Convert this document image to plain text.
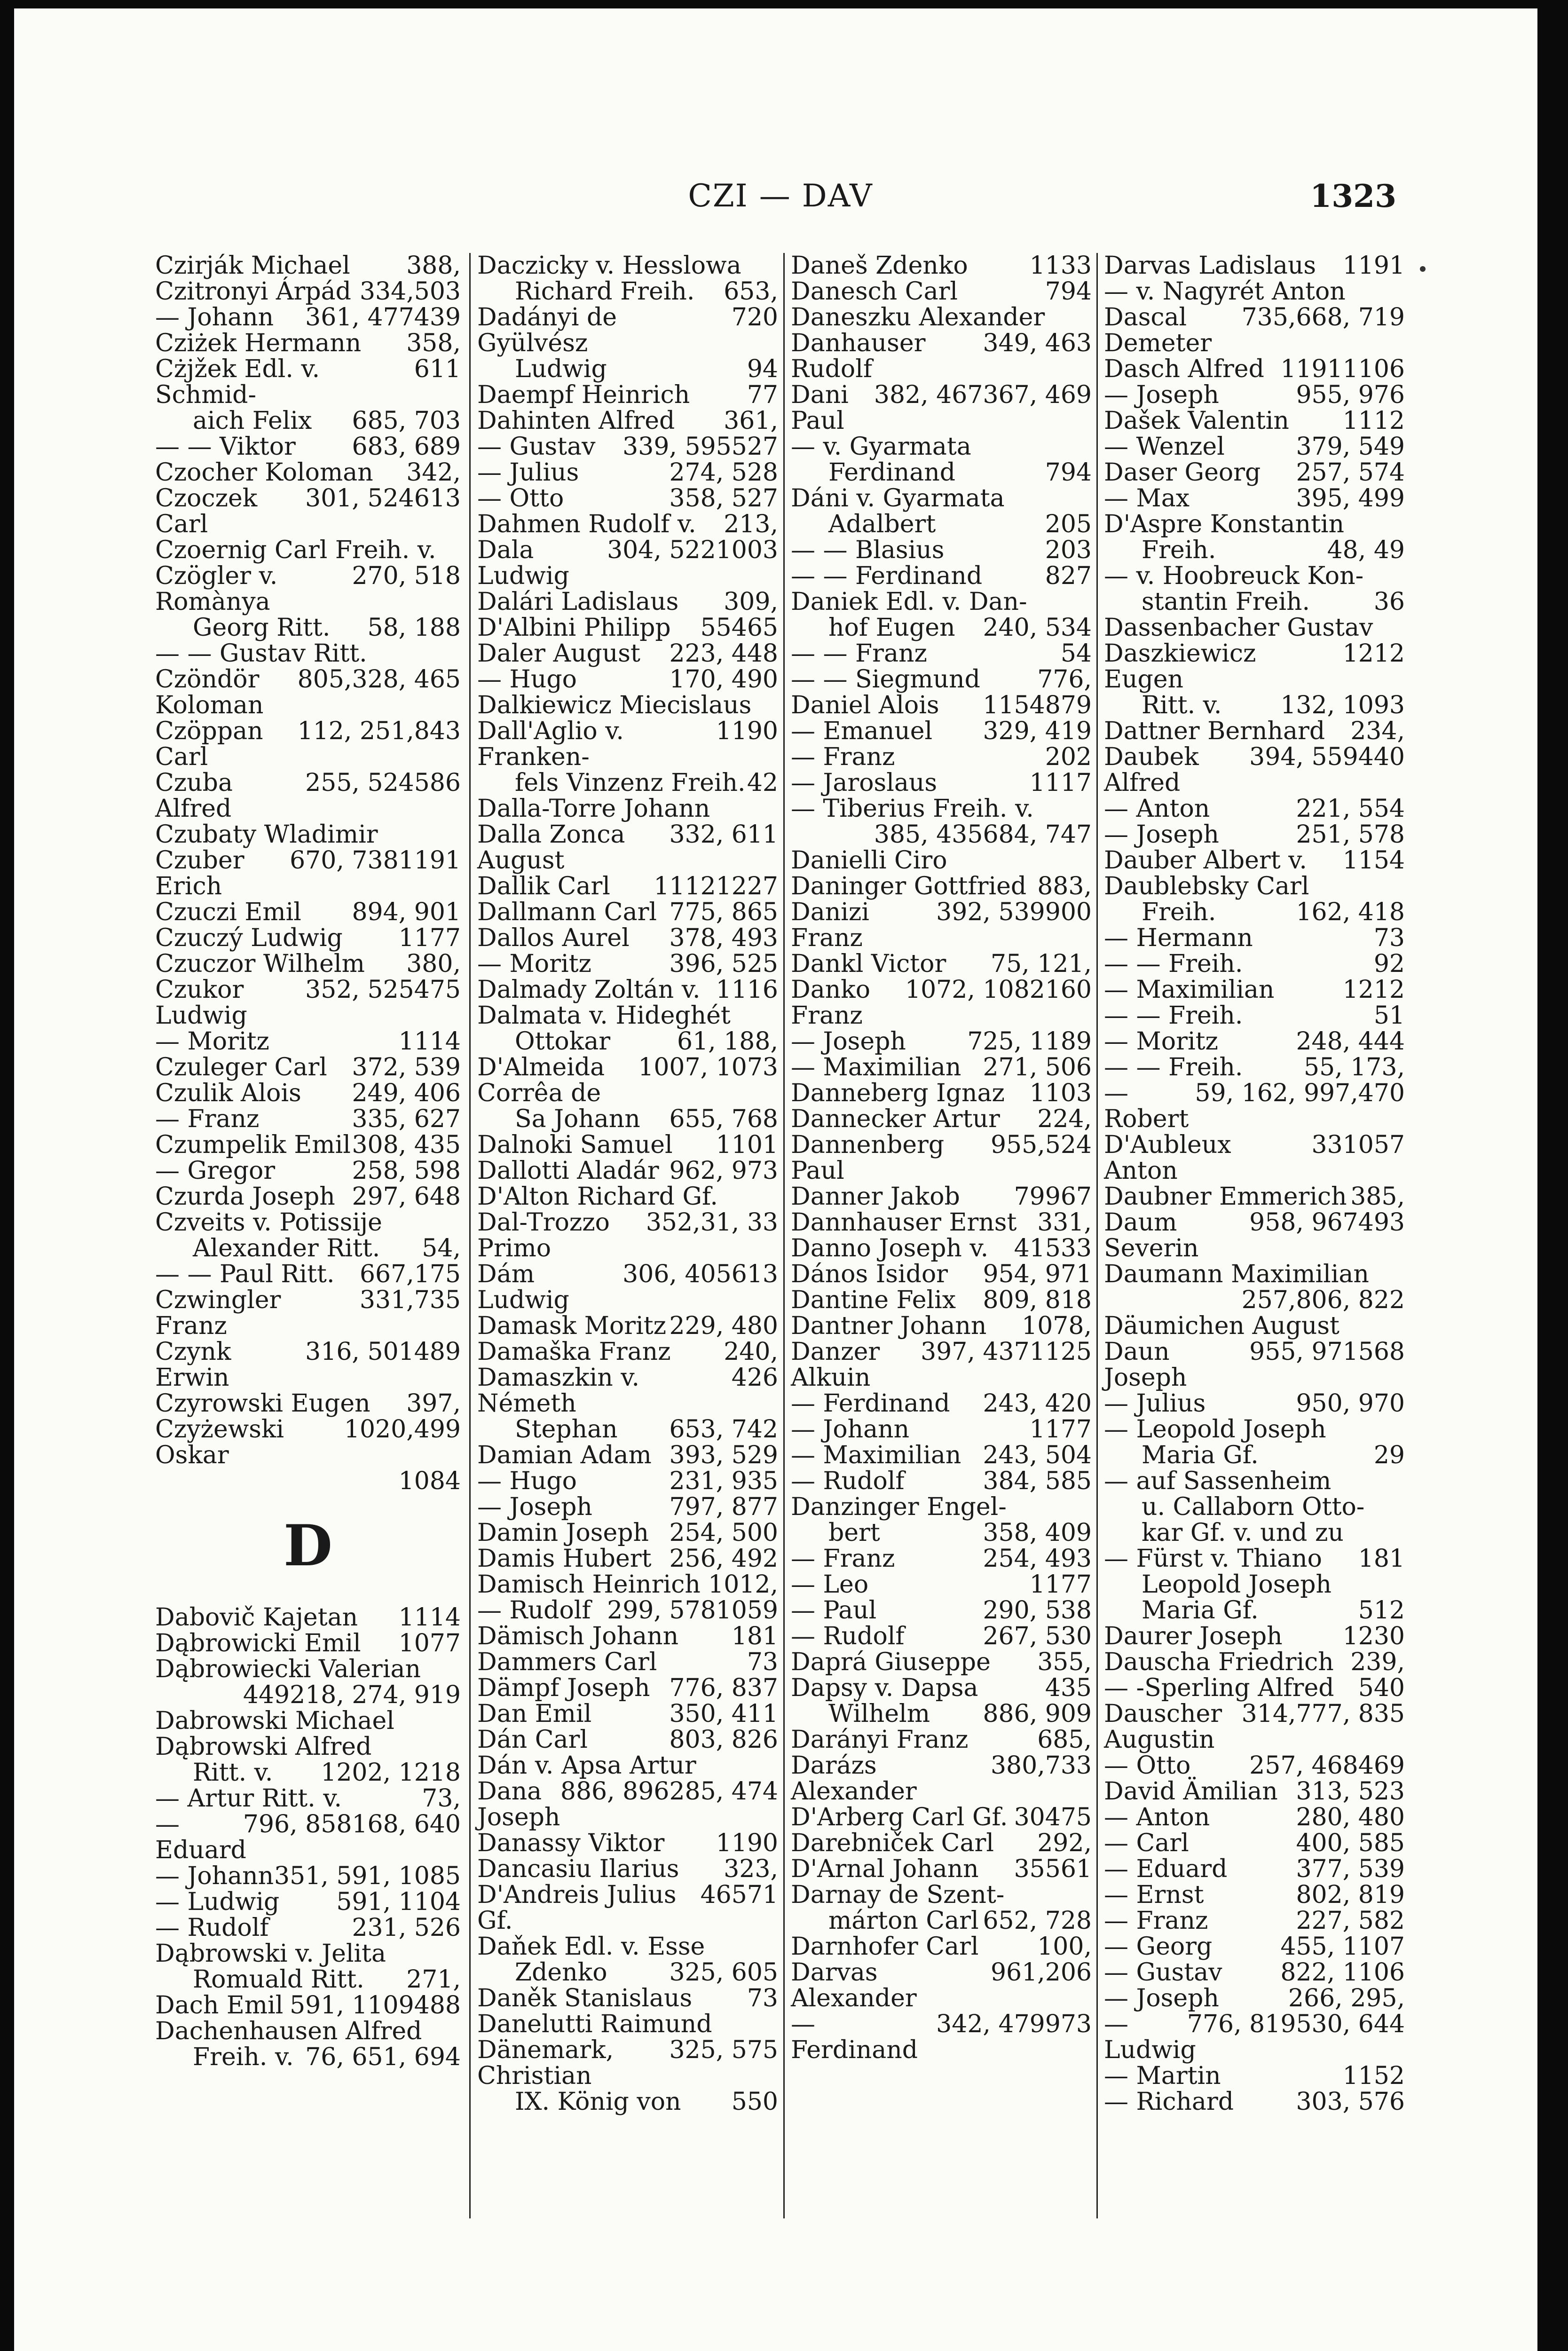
CZI — DAV	1323
388,
Czirják Michael
503
334,
Czitronyi Árpád
439
361, 477
— Johann
358,
Cziżek Hermann
611
Cżjžek Edl. v. Schmid-
685, 703
aich Felix
683, 689
— — Viktor
342,
Czocher Koloman
613
301, 524
Czoczek Carl
Czoernig Carl Freih. v.
270, 518
Czögler v. Romànya
58, 188
Georg Ritt.
— — Gustav Ritt.
328, 465
805,
Czöndör Koloman
843
112, 251,
Czöppan Carl
586
255, 524
Czuba Alfred
Czubaty Wladimir
1191
670, 738
Czuber Erich
894, 901
Czuczi Emil
1177
Czuczý Ludwig
380,
Czuczor Wilhelm
475
352, 525
Czukor Ludwig
1114
— Moritz
372, 539
Czuleger Carl
249, 406
Czulik Alois
335, 627
— Franz
308, 435
Czumpelik Emil
258, 598
— Gregor
297, 648
Czurda Joseph
Czveits v. Potissije
54,
Alexander Ritt.
175
667,
— — Paul Ritt.
735
331,
Czwingler Franz
489
316, 501
Czynk Erwin
397,
Czyrowski Eugen
499
1020,
Czyżewski Oskar
1084
D
1114
Dabovič Kajetan
1077
Dąbrowicki Emil
Dąbrowiecki Valerian
218, 274, 919
449
Dabrowski Michael
Dąbrowski Alfred
1202, 1218
Ritt. v.
73,
— Artur Ritt. v.
168, 640
796, 858
— Eduard
351, 591, 1085
— Johann
591, 1104
— Ludwig
231, 526
— Rudolf
Dąbrowski v. Jelita
271,
Romuald Ritt.
488
591, 1109
Dach Emil
Dachenhausen Alfred
76, 651, 694
Freih. v.
Daczicky v. Hesslowa
653,
Richard Freih.
720
Dadányi de Gyülvész
94
Ludwig
77
Daempf Heinrich
361,
Dahinten Alfred
527
339, 595
— Gustav
274, 528
— Julius
358, 527
— Otto
213,
Dahmen Rudolf v.
1003
304, 522
Dala Ludwig
309,
Dalári Ladislaus
465
55
D'Albini Philipp
223, 448
Daler August
170, 490
— Hugo
Dalkiewicz Miecislaus
1190
Dall'Aglio v. Franken-
42
fels Vinzenz Freih.
Dalla-Torre Johann
332, 611
Dalla Zonca August
1227
1112
Dallik Carl
775, 865
Dallmann Carl
378, 493
Dallos Aurel
396, 525
— Moritz
1116
Dalmady Zoltán v.
Dalmata v. Hideghét
61, 188,
Ottokar
1007, 1073
D'Almeida Corrêa de
655, 768
Sa Johann
1101
Dalnoki Samuel
962, 973
Dallotti Aladár
D'Alton Richard Gf.
31, 33
352,
Dal-Trozzo Primo
613
306, 405
Dám Ludwig
229, 480
Damask Moritz
240,
Damaška Franz
426
Damaszkin v. Németh
653, 742
Stephan
393, 529
Damian Adam
231, 935
— Hugo
797, 877
— Joseph
254, 500
Damin Joseph
256, 492
Damis Hubert
1012,
Damisch Heinrich
1059
299, 578
— Rudolf
181
Dämisch Johann
73
Dammers Carl
776, 837
Dämpf Joseph
350, 411
Dan Emil
803, 826
Dán Carl
Dán v. Apsa Artur
285, 474
886, 896
Dana Joseph
1190
Danassy Viktor
323,
Dancasiu Ilarius
571
46
D'Andreis Julius Gf.
Daňek Edl. v. Esse
325, 605
Zdenko
73
Daněk Stanislaus
Danelutti Raimund
325, 575
Dänemark, Christian
550
IX. König von
1133
Daneš Zdenko
794
Danesch Carl
Daneszku Alexander
349, 463
Danhauser Rudolf
367, 469
382, 467
Dani Paul
— v. Gyarmata
794
Ferdinand
Dáni v. Gyarmata
205
Adalbert
203
— — Blasius
827
— — Ferdinand
Daniek Edl. v. Dan-
240, 534
hof Eugen
54
— — Franz
776,
— — Siegmund
879
1154
Daniel Alois
329, 419
— Emanuel
202
— Franz
1117
— Jaroslaus
— Tiberius Freih. v.
684, 747
385, 435
Danielli Ciro
883,
Daninger Gottfried
900
392, 539
Danizi Franz
75, 121,
Dankl Victor
160
1072, 1082
Danko Franz
725, 1189
— Joseph
271, 506
— Maximilian
1103
Danneberg Ignaz
224,
Dannecker Artur
524
955,
Dannenberg Paul
967
79
Danner Jakob
331,
Dannhauser Ernst
533
41
Danno Joseph v.
954, 971
Dános Isidor
809, 818
Dantine Felix
1078,
Dantner Johann
1125
397, 437
Danzer Alkuin
243, 420
— Ferdinand
1177
— Johann
243, 504
— Maximilian
384, 585
— Rudolf
Danzinger Engel-
358, 409
bert
254, 493
— Franz
1177
— Leo
290, 538
— Paul
267, 530
— Rudolf
355,
Daprá Giuseppe
435
Dapsy v. Dapsa
886, 909
Wilhelm
685,
Darányi Franz
733
380,
Darázs Alexander
475
30
D'Arberg Carl Gf.
292,
Darebniček Carl
561
35
D'Arnal Johann
Darnay de Szent-
652, 728
márton Carl
100,
Darnhofer Carl
206
961,
Darvas Alexander
973
342, 479
— Ferdinand
1191
Darvas Ladislaus
— v. Nagyrét Anton
668, 719
735,
Dascal Demeter
1106
1191
Dasch Alfred
955, 976
— Joseph
1112
Dašek Valentin
379, 549
— Wenzel
257, 574
Daser Georg
395, 499
— Max
D'Aspre Konstantin
48, 49
Freih.
— v. Hoobreuck Kon-
36
stantin Freih.
Dassenbacher Gustav
1212
Daszkiewicz Eugen
132, 1093
Ritt. v.
234,
Dattner Bernhard
440
394, 559
Daubek Alfred
221, 554
— Anton
251, 578
— Joseph
1154
Dauber Albert v.
Daublebsky Carl
162, 418
Freih.
73
— Hermann
92
— — Freih.
1212
— Maximilian
51
— — Freih.
248, 444
— Moritz
55, 173,
— — Freih.
470
59, 162, 997,
— Robert
1057
33
D'Aubleux Anton
385,
Daubner Emmerich
493
958, 967
Daum Severin
Daumann Maximilian
806, 822
257,
Däumichen August
568
955, 971
Daun Joseph
950, 970
— Julius
— Leopold Joseph
29
Maria Gf.
— auf Sassenheim
u. Callaborn Otto-
kar Gf. v. und zu
181
— Fürst v. Thiano
Leopold Joseph
512
Maria Gf.
1230
Daurer Joseph
239,
Dauscha Friedrich
540
— -Sperling Alfred
777, 835
314,
Dauscher Augustin
469
257, 468
— Otto
313, 523
David Ämilian
280, 480
— Anton
400, 585
— Carl
377, 539
— Eduard
802, 819
— Ernst
227, 582
— Franz
455, 1107
— Georg
822, 1106
— Gustav
266, 295,
— Joseph
530, 644
776, 819
— Ludwig
1152
— Martin
303, 576
— Richard
